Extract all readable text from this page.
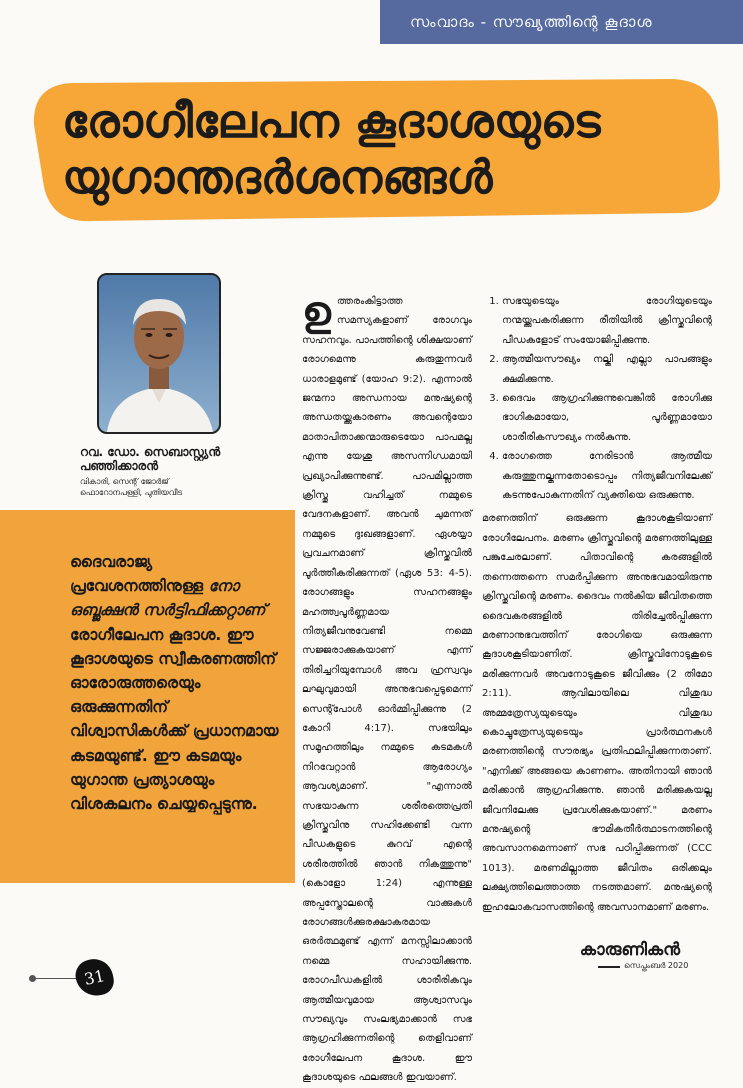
സംവാദം - സൗഖ്യത്തിന്റെ കൂദാശ
രോഗീലേപന കൂദാശയുടെ
യുഗാന്തദർശനങ്ങൾ
റവ. ഡോ. സെബാസ്റ്റ്യൻ
പഞ്ഞിക്കാരൻ
വികാരി, സെന്റ് ജോർജ്
ഫൊറോനപള്ളി, പുതിയവീട
ദൈവരാജ്യ പ്രവേശനത്തിനുള്ള നോ ഒബ്ജക്ഷൻ സർട്ടിഫിക്കറ്റാണ് രോഗീലേപന കൂദാശ. ഈ കൂദാശയുടെ സ്വീകരണത്തിന് ഓരോരുത്തരെയും ഒരുക്കുന്നതിന് വിശ്വാസികൾക്ക് പ്രധാനമായ കടമയുണ്ട്. ഈ കടമയും യുഗാന്ത പ്രത്യാശയും വിശകലനം ചെയ്യപ്പെടുന്നു.
ഉ ത്തരംകിട്ടാത്ത സമസ്യകളാണ് രോഗവും സഹനവും. പാപത്തിന്റെ ശിക്ഷയാണ് രോഗമെന്നു കരുതുന്നവർ ധാരാളമുണ്ട് (യോഹ 9:2). എന്നാൽ ജന്മനാ അന്ധനായ മനുഷ്യന്റെ അന്ധതയ്ക്കുകാരണം അവന്റെയോ മാതാപിതാക്കന്മാരുടെയോ പാപമല്ല എന്നു യേശു അസന്നിഗ്ധമായി പ്രഖ്യാപിക്കുന്നുണ്ട്. പാപമില്ലാത്ത ക്രിസ്തു വഹിച്ചത് നമ്മുടെ വേദനകളാണ്. അവൻ ചുമന്നത് നമ്മുടെ ദുഃഖങ്ങളാണ്. ഏശയ്യാ പ്രവചനമാണ് ക്രിസ്തുവിൽ പൂർത്തീകരിക്കുന്നത് (ഏശ 53: 4-5). രോഗങ്ങളും സഹനങ്ങളും മഹത്ത്വപൂർണ്ണമായ നിത്യജീവനുവേണ്ടി നമ്മെ സജ്ജരാക്കുകയാണ് എന്ന് തിരിച്ചറിയുമ്പോൾ അവ ഹ്രസ്വവും ലഘുവുമായി അനുഭവപ്പെടുമെന്ന് സെന്റ്പോൾ ഓർമ്മിപ്പിക്കുന്നു (2 കോറി 4:17). സഭയിലും സമൂഹത്തിലും നമ്മുടെ കടമകൾ നിറവേറ്റാൻ ആരോഗ്യം ആവശ്യമാണ്. "എന്നാൽ സഭയാകുന്ന ശരീരത്തെപ്രതി ക്രിസ്തുവിനു സഹിക്കേണ്ടി വന്ന പീഡകളുടെ കുറവ് എന്റെ ശരീരത്തിൽ ഞാൻ നികത്തുന്നു" (കൊളോ 1:24) എന്നുള്ള അപ്പസ്തോലന്റെ വാക്കുകൾ രോഗങ്ങൾക്കുരക്ഷാകരമായ ഒരർത്ഥമുണ്ട് എന്ന് മനസ്സിലാക്കാൻ നമ്മെ സഹായിക്കുന്നു. രോഗപീഡകളിൽ ശാരീരികവും ആത്മീയവുമായ ആശ്വാസവും സൗഖ്യവും സംലഭ്യമാക്കാൻ സഭ ആഗ്രഹിക്കുന്നതിന്റെ തെളിവാണ് രോഗീലേപന കൂദാശ. ഈ കൂദാശയുടെ ഫലങ്ങൾ ഇവയാണ്.
1. സഭയുടെയും രോഗിയുടെയും നന്മയ്ക്കുപകരിക്കുന്ന രീതിയിൽ ക്രിസ്തുവിന്റെ പീഡകളോട് സംയോജിപ്പിക്കുന്നു.
2. ആത്മീയസൗഖ്യം നല്കി എല്ലാ പാപങ്ങളും ക്ഷമിക്കുന്നു.
3. ദൈവം ആഗ്രഹിക്കുന്നുവെങ്കിൽ രോഗിക്കു ഭാഗികമായോ, പൂർണ്ണമായോ ശാരീരികസൗഖ്യം നൽകുന്നു.
4. രോഗത്തെ നേരിടാൻ ആത്മീയ കരുത്തുനല്കുന്നതോടൊപ്പം നിത്യജീവനിലേക്ക് കടന്നുപോകുന്നതിന് വ്യക്തിയെ ഒരുക്കുന്നു.

മരണത്തിന് ഒരുക്കുന്ന കൂദാശകൂടിയാണ് രോഗീലേപനം. മരണം ക്രിസ്തുവിന്റെ മരണത്തിലുള്ള പങ്കുചേരലാണ്. പിതാവിന്റെ കരങ്ങളിൽ തന്നെത്തന്നെ സമർപ്പിക്കുന്ന അനുഭവമായിരുന്നു ക്രിസ്തുവിന്റെ മരണം. ദൈവം നൽകിയ ജീവിതത്തെ ദൈവകരങ്ങളിൽ തിരിച്ചേൽപ്പിക്കുന്ന മരണാനുഭവത്തിന് രോഗിയെ ഒരുക്കുന്ന കൂദാശകൂടിയാണിത്. ക്രിസ്തുവിനോടുകൂടെ മരിക്കുന്നവർ അവനോടുകൂടെ ജീവിക്കും (2 തിമോ 2:11). ആവിലായിലെ വിശുദ്ധ അമ്മത്രേസ്യയുടെയും വിശുദ്ധ കൊച്ചുത്രേസ്യയുടെയും പ്രാർത്ഥനകൾ മരണത്തിന്റെ സൗരഭ്യം പ്രതിഫലിപ്പിക്കുന്നതാണ്. "എനിക്ക് അങ്ങയെ കാണണം. അതിനായി ഞാൻ മരിക്കാൻ ആഗ്രഹിക്കുന്നു. ഞാൻ മരിക്കുകയല്ല ജീവനിലേക്കു പ്രവേശിക്കുകയാണ്." മരണം മനുഷ്യന്റെ ഭൗമികതീർത്ഥാടനത്തിന്റെ അവസാനമെന്നാണ് സഭ പഠിപ്പിക്കുന്നത് (CCC 1013). മരണമില്ലാത്ത ജീവിതം ഒരിക്കലും ലക്ഷ്യത്തിലെത്താത്ത നടത്തമാണ്. മനുഷ്യന്റെ ഇഹലോകവാസത്തിന്റെ അവസാനമാണ് മരണം.

31
കാരുണികൻ
സെപ്തംബർ 2020
